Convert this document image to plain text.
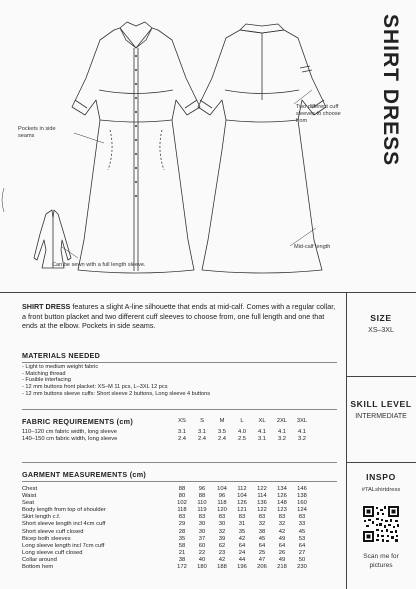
SHIRT DRESS
Pockets in side seams
Two different cuff sleeves to choose from
Mid-calf length
Can be sewn with a full length sleeve.
SHIRT DRESS features a slight A-line silhouette that ends at mid-calf. Comes with a regular collar, a front button placket and two different cuff sleeves to choose from, one full length and one that ends at the elbow. Pockets in side seams.
MATERIALS NEEDED
- Light to medium weight fabric
- Matching thread
- Fusible interfacing
- 12 mm buttons front placket: XS–M 11 pcs, L–3XL 12 pcs
- 12 mm buttons sleeve cuffs: Short sleeve 2 buttons, Long sleeve 4 buttons
FABRIC REQUIREMENTS (cm)	XS	S	M	L	XL	2XL	3XL

110–120 cm fabric width, long sleeve	3.1	3.1	3.5	4.0	4.1	4.1	4.1
140–150 cm fabric width, long sleeve	2.4	2.4	2.4	2.5	3.1	3.2	3.2
GARMENT MEASUREMENTS (cm)
Chest	88	96	104	112	122	134	146
Waist	80	88	96	104	114	126	138
Seat	102	110	118	126	136	148	160
Body length from top of shoulder	118	119	120	121	122	123	124
Skirt length c.f.	83	83	83	83	83	83	83
Short sleeve length incl 4cm cuff	29	30	30	31	32	32	33
Short sleeve cuff closed	28	30	32	35	38	42	45
Bicep both sleeves	35	37	39	42	45	49	53
Long sleeve length incl 7cm cuff	58	60	62	64	64	64	64
Long sleeve cuff closed	21	22	23	24	25	26	27
Collar around	38	40	42	44	47	49	50
Bottom hem	172	180	188	196	206	218	230
SIZE
XS–3XL
SKILL LEVEL
INTERMEDIATE
INSPO
#TALshirtdress
Scan me for
pictures
